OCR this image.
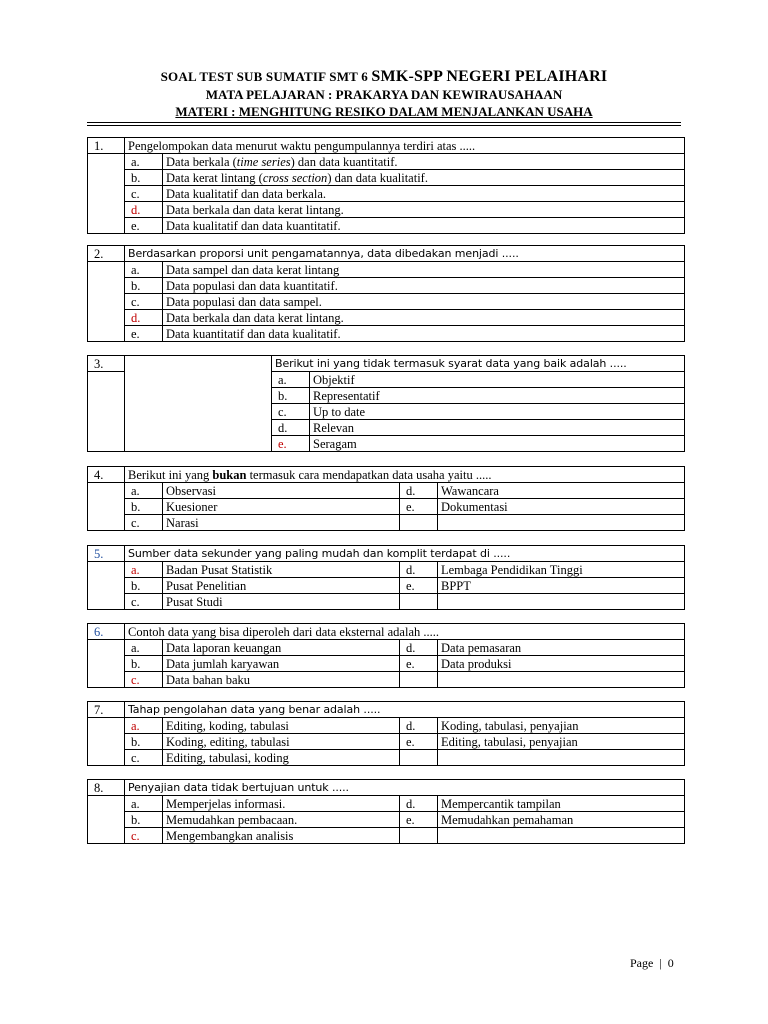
SOAL TEST SUB SUMATIF SMT 6 SMK-SPP NEGERI PELAIHARI
MATA PELAJARAN : PRAKARYA DAN KEWIRAUSAHAAN
MATERI : MENGHITUNG RESIKO DALAM MENJALANKAN USAHA
1.	Pengelompokan data menurut waktu pengumpulannya terdiri atas .....	
	a.	Data berkala (time series) dan data kuantitatif.
	b.	Data kerat lintang (cross section) dan data kualitatif.
	c.	Data kualitatif dan data berkala.
	d.	Data berkala dan data kerat lintang.
	e.	Data kualitatif dan data kuantitatif.
2.	Berdasarkan proporsi unit pengamatannya, data dibedakan menjadi .....	
	a.	Data sampel dan data kerat lintang
	b.	Data populasi dan data kuantitatif.
	c.	Data populasi dan data sampel.
	d.	Data berkala dan data kerat lintang.
	e.	Data kuantitatif dan data kualitatif.
3.		Berikut ini yang tidak termasuk syarat data yang baik adalah .....	
		a.	Objektif
		b.	Representatif
		c.	Up to date
		d.	Relevan
		e.	Seragam
4.	Berikut ini yang bukan termasuk cara mendapatkan data usaha yaitu .....			
	a.	Observasi	d.	Wawancara
	b.	Kuesioner	e.	Dokumentasi
	c.	Narasi		
5.	Sumber data sekunder yang paling mudah dan komplit terdapat di .....			
	a.	Badan Pusat Statistik	d.	Lembaga Pendidikan Tinggi
	b.	Pusat Penelitian	e.	BPPT
	c.	Pusat Studi		
6.	Contoh data yang bisa diperoleh dari data eksternal adalah .....			
	a.	Data laporan keuangan	d.	Data pemasaran
	b.	Data jumlah karyawan	e.	Data produksi
	c.	Data bahan baku		
7.	Tahap pengolahan data yang benar adalah .....			
	a.	Editing, koding, tabulasi	d.	Koding, tabulasi, penyajian
	b.	Koding, editing, tabulasi	e.	Editing, tabulasi, penyajian
	c.	Editing, tabulasi, koding		
8.	Penyajian data tidak bertujuan untuk .....			
	a.	Memperjelas informasi.	d.	Mempercantik tampilan
	b.	Memudahkan pembacaan.	e.	Memudahkan pemahaman
	c.	Mengembangkan analisis		
Page | 0
